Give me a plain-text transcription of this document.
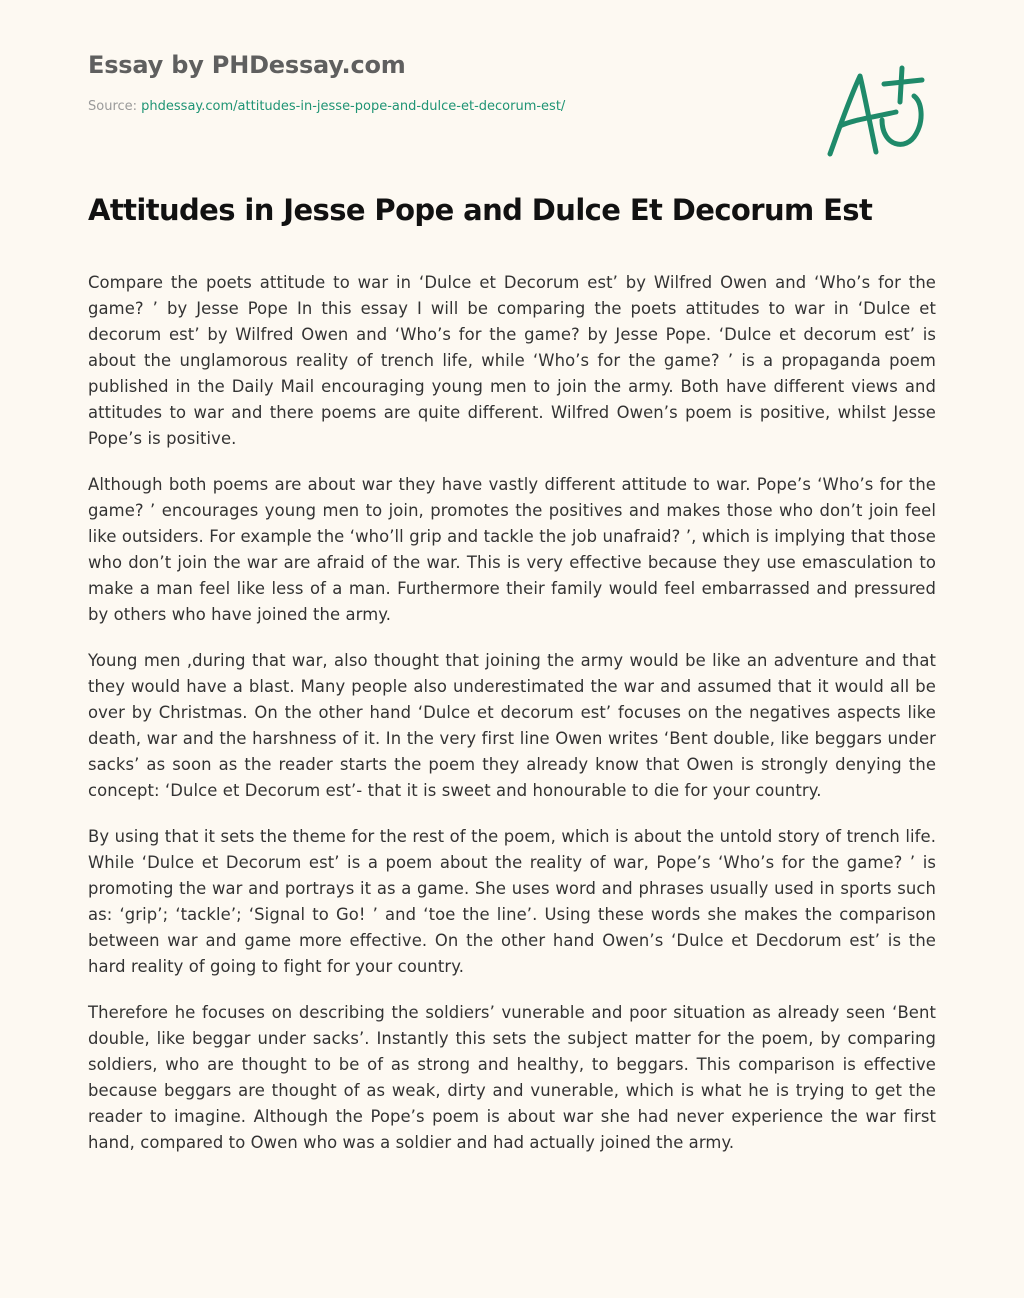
Essay by PHDessay.com
Source: phdessay.com/attitudes-in-jesse-pope-and-dulce-et-decorum-est/
Attitudes in Jesse Pope and Dulce Et Decorum Est

Compare the poets attitude to war in ‘Dulce et Decorum est’ by Wilfred Owen and ‘Who’s for the game? ’ by Jesse Pope In this essay I will be comparing the poets attitudes to war in ‘Dulce et decorum est’ by Wilfred Owen and ‘Who’s for the game? by Jesse Pope. ‘Dulce et decorum est’ is about the unglamorous reality of trench life, while ‘Who’s for the game? ’ is a propaganda poem published in the Daily Mail encouraging young men to join the army. Both have different views and attitudes to war and there poems are quite different. Wilfred Owen’s poem is positive, whilst Jesse Pope’s is positive.

Although both poems are about war they have vastly different attitude to war. Pope’s ‘Who’s for the game? ’ encourages young men to join, promotes the positives and makes those who don’t join feel like outsiders. For example the ‘who’ll grip and tackle the job unafraid? ’, which is implying that those who don’t join the war are afraid of the war. This is very effective because they use emasculation to make a man feel like less of a man. Furthermore their family would feel embarrassed and pressured by others who have joined the army.

Young men ,during that war, also thought that joining the army would be like an adventure and that they would have a blast. Many people also underestimated the war and assumed that it would all be over by Christmas. On the other hand ‘Dulce et decorum est’ focuses on the negatives aspects like death, war and the harshness of it. In the very first line Owen writes ‘Bent double, like beggars under sacks’ as soon as the reader starts the poem they already know that Owen is strongly denying the concept: ‘Dulce et Decorum est’- that it is sweet and honourable to die for your country.

By using that it sets the theme for the rest of the poem, which is about the untold story of trench life. While ‘Dulce et Decorum est’ is a poem about the reality of war, Pope’s ‘Who’s for the game? ’ is promoting the war and portrays it as a game. She uses word and phrases usually used in sports such as: ‘grip’; ‘tackle’; ‘Signal to Go! ’ and ‘toe the line’. Using these words she makes the comparison between war and game more effective. On the other hand Owen’s ‘Dulce et Decdorum est’ is the hard reality of going to fight for your country.

Therefore he focuses on describing the soldiers’ vunerable and poor situation as already seen ‘Bent double, like beggar under sacks’. Instantly this sets the subject matter for the poem, by comparing soldiers, who are thought to be of as strong and healthy, to beggars. This comparison is effective because beggars are thought of as weak, dirty and vunerable, which is what he is trying to get the reader to imagine. Although the Pope’s poem is about war she had never experience the war first hand, compared to Owen who was a soldier and had actually joined the army.
